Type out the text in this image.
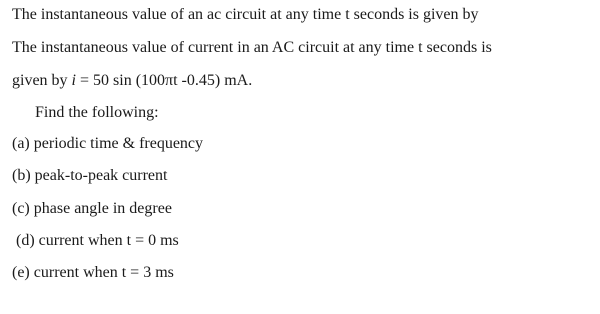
The instantaneous value of an ac circuit at any time t seconds is given by
The instantaneous value of current in an AC circuit at any time t seconds is
given by i = 50 sin (100πt -0.45) mA.
Find the following:
(a) periodic time & frequency
(b) peak-to-peak current
(c) phase angle in degree
(d) current when t = 0 ms
(e) current when t = 3 ms
